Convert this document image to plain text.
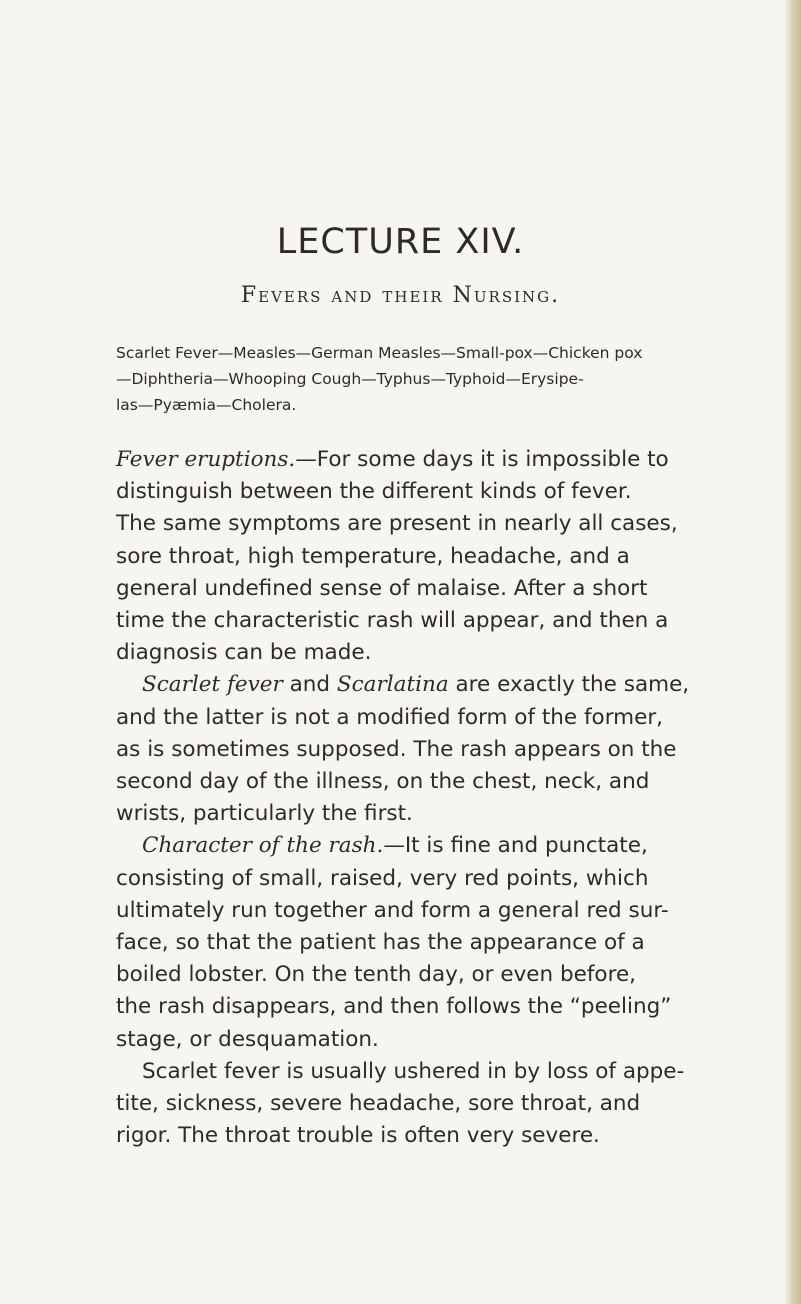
LECTURE XIV.
Fevers and their Nursing.
Scarlet Fever—Measles—German Measles—Small-pox—Chicken pox
—Diphtheria—Whooping Cough—Typhus—Typhoid—Erysipe-
las—Pyæmia—Cholera.
Fever eruptions.—For some days it is impossible to
distinguish between the different kinds of fever.
The same symptoms are present in nearly all cases,
sore throat, high temperature, headache, and a
general undefined sense of malaise. After a short
time the characteristic rash will appear, and then a
diagnosis can be made.
Scarlet fever and Scarlatina are exactly the same,
and the latter is not a modified form of the former,
as is sometimes supposed. The rash appears on the
second day of the illness, on the chest, neck, and
wrists, particularly the first.
Character of the rash.—It is fine and punctate,
consisting of small, raised, very red points, which
ultimately run together and form a general red sur-
face, so that the patient has the appearance of a
boiled lobster. On the tenth day, or even before,
the rash disappears, and then follows the “peeling”
stage, or desquamation.
Scarlet fever is usually ushered in by loss of appe-
tite, sickness, severe headache, sore throat, and
rigor. The throat trouble is often very severe.
